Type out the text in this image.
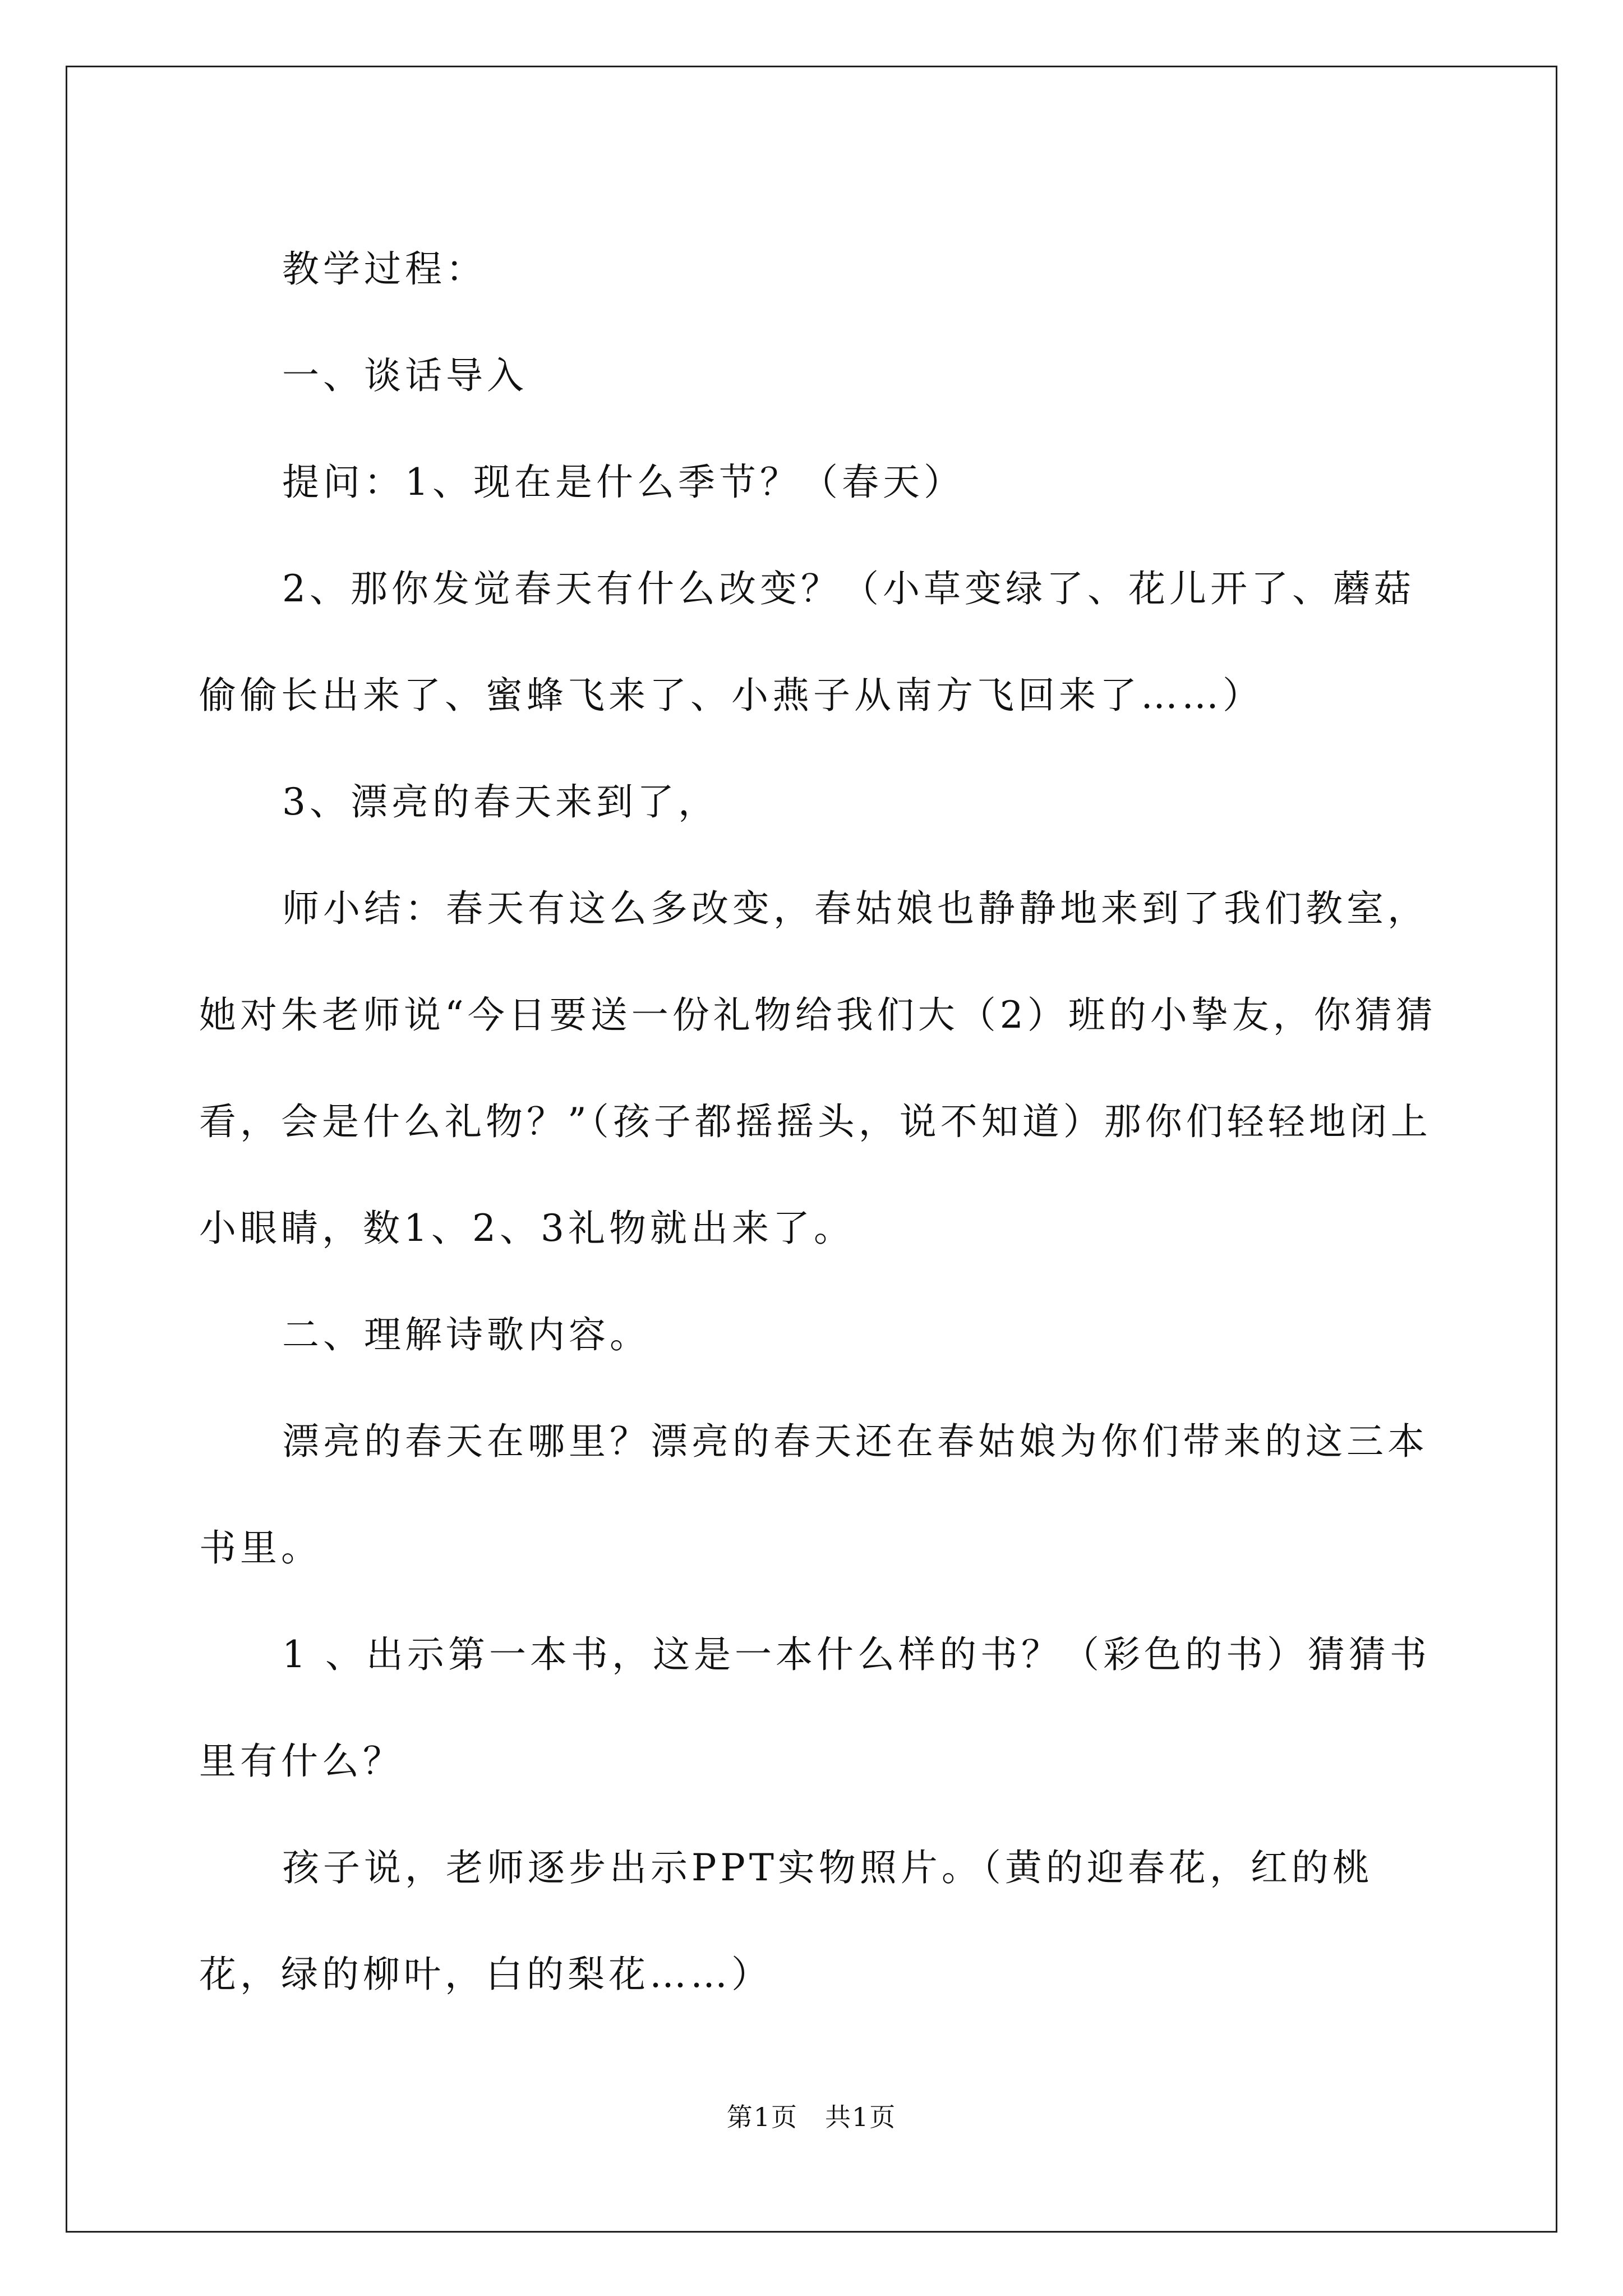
教学过程：

一、谈话导入

提问：1、现在是什么季节？（春天）

2、那你发觉春天有什么改变？（小草变绿了、花儿开了、蘑菇偷偷长出来了、蜜蜂飞来了、小燕子从南方飞回来了……）

3、漂亮的春天来到了，

师小结：春天有这么多改变，春姑娘也静静地来到了我们教室，她对朱老师说“今日要送一份礼物给我们大（2）班的小挚友，你猜猜看，会是什么礼物？”（孩子都摇摇头，说不知道）那你们轻轻地闭上小眼睛，数1、2、3礼物就出来了。

二、理解诗歌内容。

漂亮的春天在哪里？漂亮的春天还在春姑娘为你们带来的这三本书里。

1 、出示第一本书，这是一本什么样的书？（彩色的书）猜猜书里有什么？

孩子说，老师逐步出示PPT实物照片。（黄的迎春花，红的桃花，绿的柳叶，白的梨花……）

第1页　共1页
